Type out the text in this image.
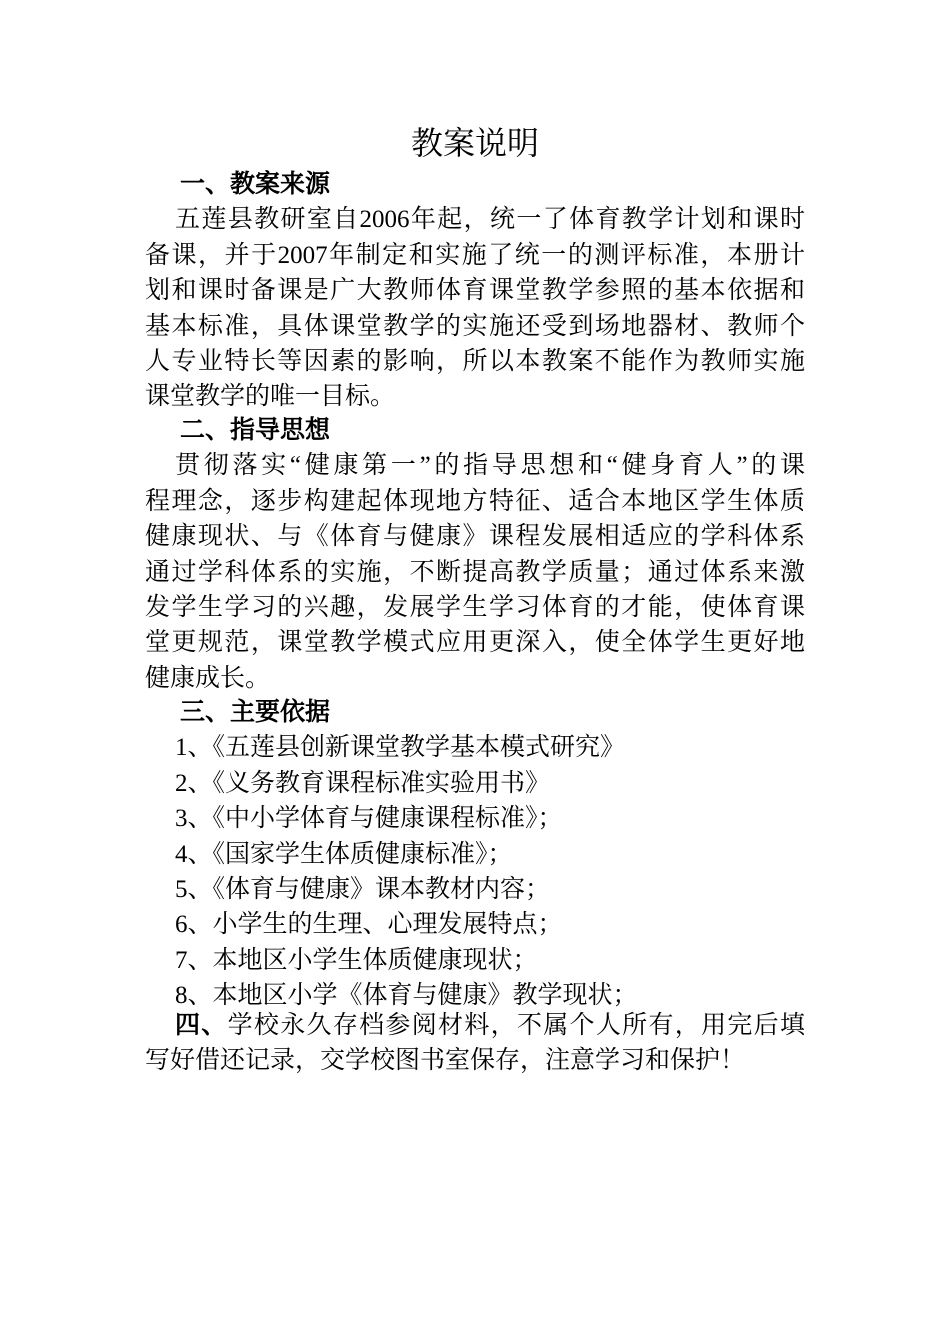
教案说明
一、教案来源
五莲县教研室自2006年起，统一了体育教学计划和课时
备课，并于2007年制定和实施了统一的测评标准，本册计
划和课时备课是广大教师体育课堂教学参照的基本依据和
基本标准，具体课堂教学的实施还受到场地器材、教师个
人专业特长等因素的影响，所以本教案不能作为教师实施
课堂教学的唯一目标。
二、指导思想
贯彻落实“健康第一”的指导思想和“健身育人”的课
程理念，逐步构建起体现地方特征、适合本地区学生体质
健康现状、与《体育与健康》课程发展相适应的学科体系
通过学科体系的实施，不断提高教学质量；通过体系来激
发学生学习的兴趣，发展学生学习体育的才能，使体育课
堂更规范，课堂教学模式应用更深入，使全体学生更好地
健康成长。
三、主要依据
1、《五莲县创新课堂教学基本模式研究》
2、《义务教育课程标准实验用书》
3、《中小学体育与健康课程标准》；
4、《国家学生体质健康标准》；
5、《体育与健康》课本教材内容；
6、小学生的生理、心理发展特点；
7、本地区小学生体质健康现状；
8、本地区小学《体育与健康》教学现状；
四、学校永久存档参阅材料，不属个人所有，用完后填
写好借还记录，交学校图书室保存，注意学习和保护！
